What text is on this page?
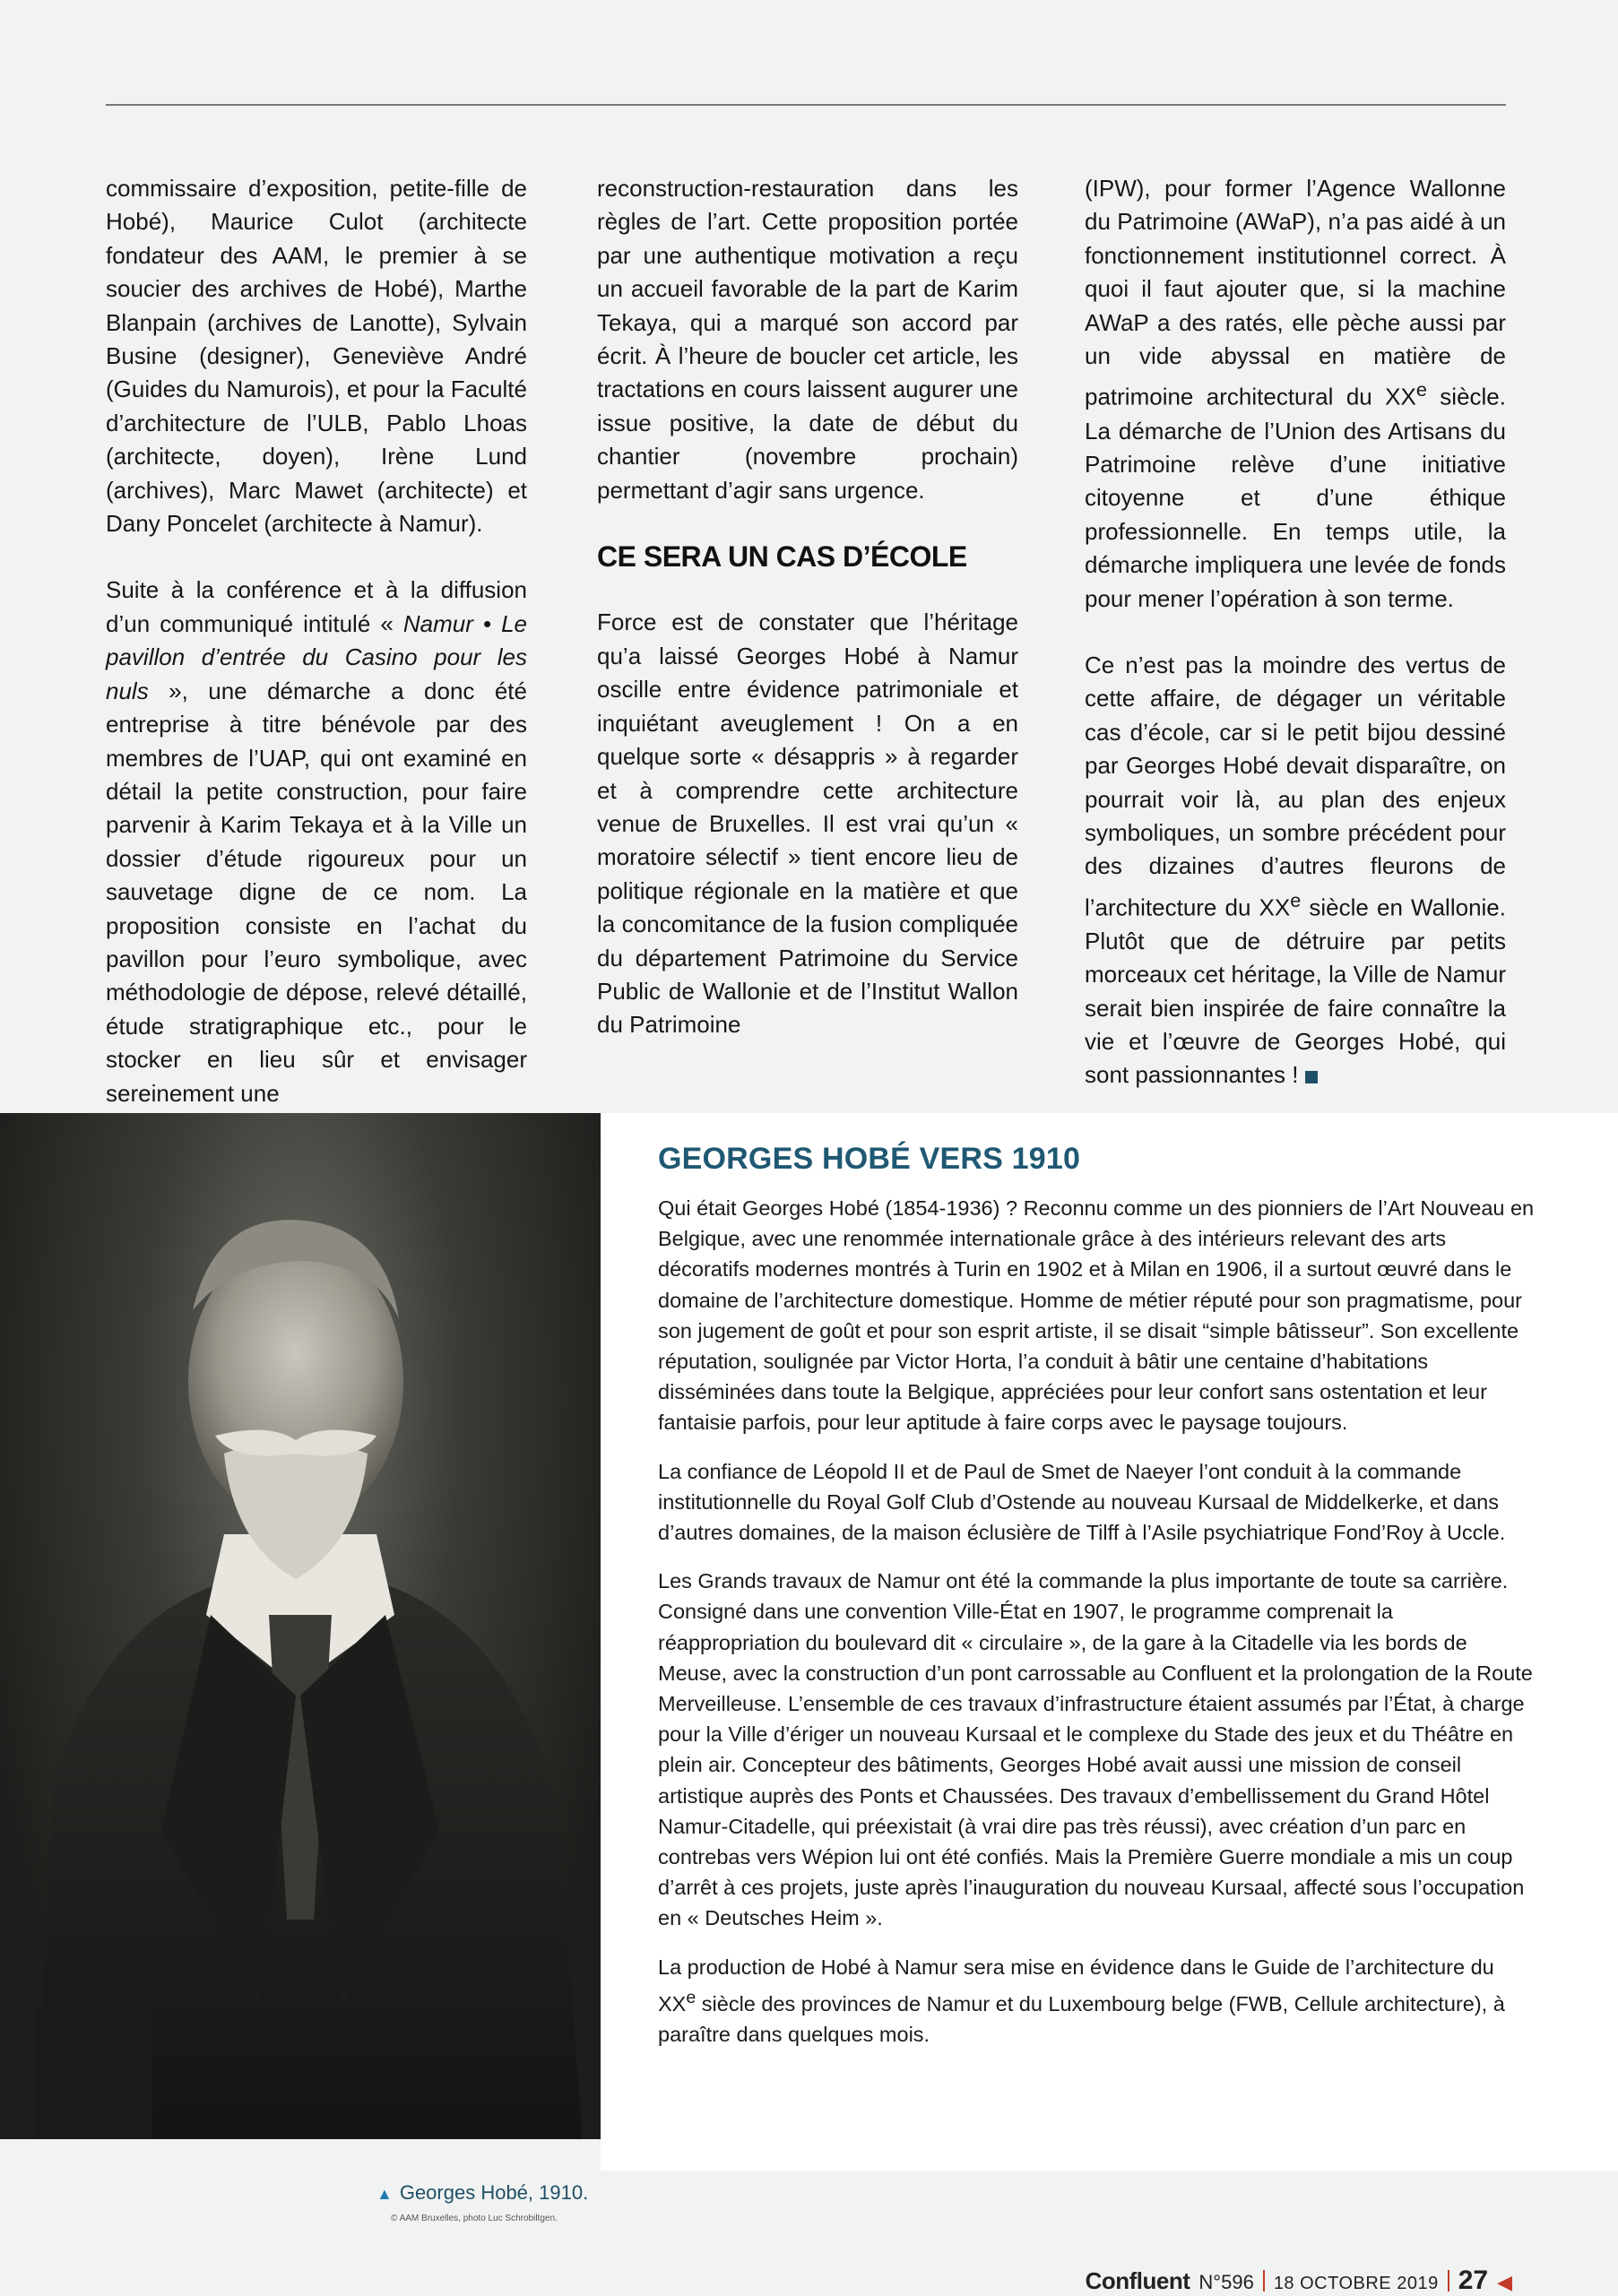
commissaire d’exposition, petite-fille de Hobé), Maurice Culot (architecte fondateur des AAM, le premier à se soucier des archives de Hobé), Marthe Blanpain (archives de Lanotte), Sylvain Busine (designer), Geneviève André (Guides du Namurois), et pour la Faculté d’architecture de l’ULB, Pablo Lhoas (architecte, doyen), Irène Lund (archives), Marc Mawet (architecte) et Dany Poncelet (architecte à Namur).

Suite à la conférence et à la diffusion d’un communiqué intitulé « Namur • Le pavillon d’entrée du Casino pour les nuls », une démarche a donc été entreprise à titre bénévole par des membres de l’UAP, qui ont examiné en détail la petite construction, pour faire parvenir à Karim Tekaya et à la Ville un dossier d’étude rigoureux pour un sauvetage digne de ce nom. La proposition consiste en l’achat du pavillon pour l’euro symbolique, avec méthodologie de dépose, relevé détaillé, étude stratigraphique etc., pour le stocker en lieu sûr et envisager sereinement une

reconstruction-restauration dans les règles de l’art. Cette proposition portée par une authentique motivation a reçu un accueil favorable de la part de Karim Tekaya, qui a marqué son accord par écrit. À l’heure de boucler cet article, les tractations en cours laissent augurer une issue positive, la date de début du chantier (novembre prochain) permettant d’agir sans urgence.

CE SERA UN CAS D’ÉCOLE

Force est de constater que l’héritage qu’a laissé Georges Hobé à Namur oscille entre évidence patrimoniale et inquiétant aveuglement ! On a en quelque sorte « désappris » à regarder et à comprendre cette architecture venue de Bruxelles. Il est vrai qu’un « moratoire sélectif » tient encore lieu de politique régionale en la matière et que la concomitance de la fusion compliquée du département Patrimoine du Service Public de Wallonie et de l’Institut Wallon du Patrimoine

(IPW), pour former l’Agence Wallonne du Patrimoine (AWaP), n’a pas aidé à un fonctionnement institutionnel correct. À quoi il faut ajouter que, si la machine AWaP a des ratés, elle pèche aussi par un vide abyssal en matière de patrimoine architectural du XXe siècle. La démarche de l’Union des Artisans du Patrimoine relève d’une initiative citoyenne et d’une éthique professionnelle. En temps utile, la démarche impliquera une levée de fonds pour mener l’opération à son terme.

Ce n’est pas la moindre des vertus de cette affaire, de dégager un véritable cas d’école, car si le petit bijou dessiné par Georges Hobé devait disparaître, on pourrait voir là, au plan des enjeux symboliques, un sombre précédent pour des dizaines d’autres fleurons de l’architecture du XXe siècle en Wallonie. Plutôt que de détruire par petits morceaux cet héritage, la Ville de Namur serait bien inspirée de faire connaître la vie et l’œuvre de Georges Hobé, qui sont passionnantes !

GEORGES HOBÉ VERS 1910

Qui était Georges Hobé (1854-1936) ? Reconnu comme un des pionniers de l’Art Nouveau en Belgique, avec une renommée internationale grâce à des intérieurs relevant des arts décoratifs modernes montrés à Turin en 1902 et à Milan en 1906, il a surtout œuvré dans le domaine de l’architecture domestique. Homme de métier réputé pour son pragmatisme, pour son jugement de goût et pour son esprit artiste, il se disait “simple bâtisseur”. Son excellente réputation, soulignée par Victor Horta, l’a conduit à bâtir une centaine d’habitations disséminées dans toute la Belgique, appréciées pour leur confort sans ostentation et leur fantaisie parfois, pour leur aptitude à faire corps avec le paysage toujours.

La confiance de Léopold II et de Paul de Smet de Naeyer l’ont conduit à la commande institutionnelle du Royal Golf Club d’Ostende au nouveau Kursaal de Middelkerke, et dans d’autres domaines, de la maison éclusière de Tilff à l’Asile psychiatrique Fond’Roy à Uccle.

Les Grands travaux de Namur ont été la commande la plus importante de toute sa carrière. Consigné dans une convention Ville-État en 1907, le programme comprenait la réappropriation du boulevard dit « circulaire », de la gare à la Citadelle via les bords de Meuse, avec la construction d’un pont carrossable au Confluent et la prolongation de la Route Merveilleuse. L’ensemble de ces travaux d’infrastructure étaient assumés par l’État, à charge pour la Ville d’ériger un nouveau Kursaal et le complexe du Stade des jeux et du Théâtre en plein air. Concepteur des bâtiments, Georges Hobé avait aussi une mission de conseil artistique auprès des Ponts et Chaussées. Des travaux d’embellissement du Grand Hôtel Namur-Citadelle, qui préexistait (à vrai dire pas très réussi), avec création d’un parc en contrebas vers Wépion lui ont été confiés. Mais la Première Guerre mondiale a mis un coup d’arrêt à ces projets, juste après l’inauguration du nouveau Kursaal, affecté sous l’occupation en « Deutsches Heim ».

La production de Hobé à Namur sera mise en évidence dans le Guide de l’architecture du XXe siècle des provinces de Namur et du Luxembourg belge (FWB, Cellule architecture), à paraître dans quelques mois.

▲ Georges Hobé, 1910.
© AAM Bruxelles, photo Luc Schrobiltgen.
Confluent N°596 18 OCTOBRE 2019 27 ◀
